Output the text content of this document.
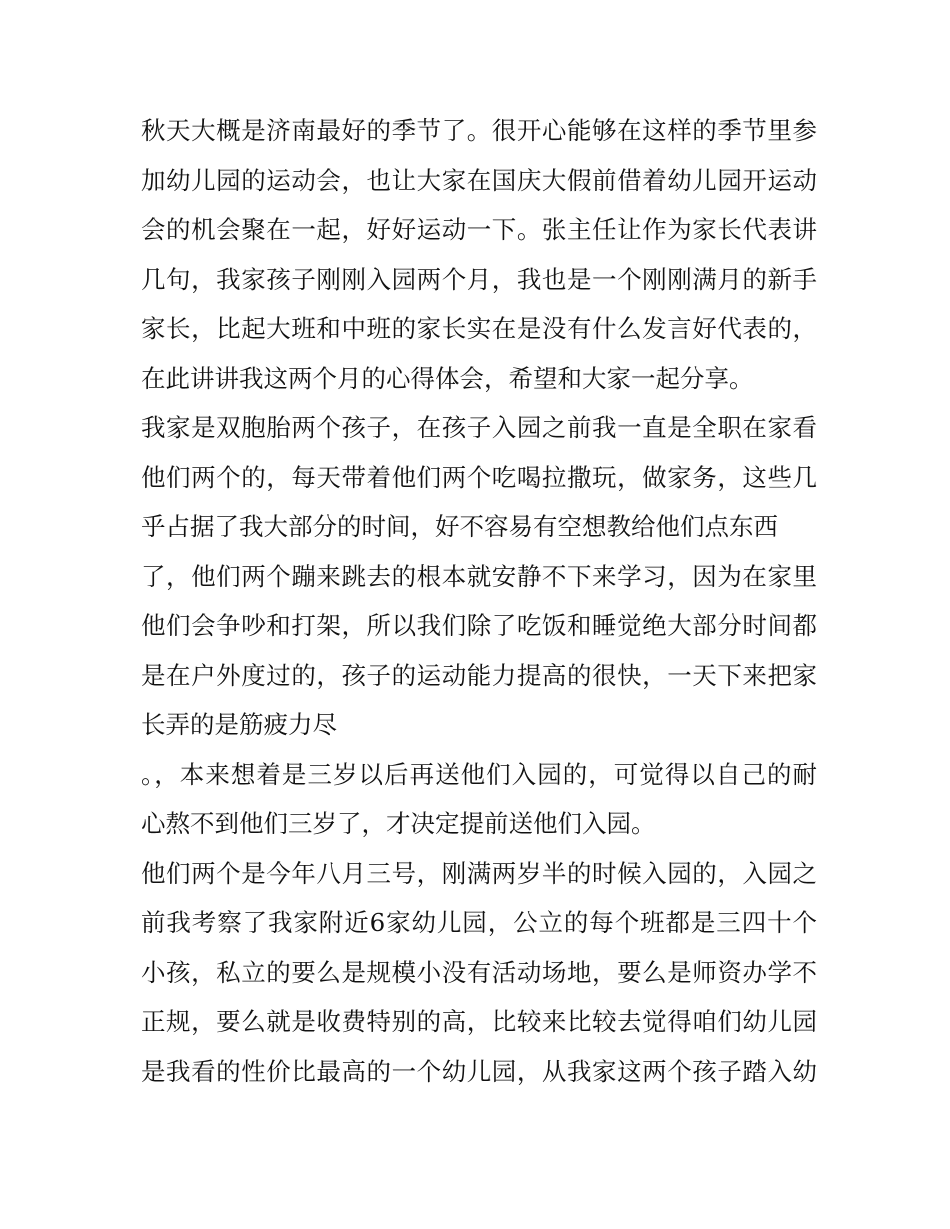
秋天大概是济南最好的季节了。很开心能够在这样的季节里参
加幼儿园的运动会，也让大家在国庆大假前借着幼儿园开运动
会的机会聚在一起，好好运动一下。张主任让作为家长代表讲
几句，我家孩子刚刚入园两个月，我也是一个刚刚满月的新手
家长，比起大班和中班的家长实在是没有什么发言好代表的，
在此讲讲我这两个月的心得体会，希望和大家一起分享。
我家是双胞胎两个孩子，在孩子入园之前我一直是全职在家看
他们两个的，每天带着他们两个吃喝拉撒玩，做家务，这些几
乎占据了我大部分的时间，好不容易有空想教给他们点东西
了，他们两个蹦来跳去的根本就安静不下来学习，因为在家里
他们会争吵和打架，所以我们除了吃饭和睡觉绝大部分时间都
是在户外度过的，孩子的运动能力提高的很快，一天下来把家
长弄的是筋疲力尽
。，本来想着是三岁以后再送他们入园的，可觉得以自己的耐
心熬不到他们三岁了，才决定提前送他们入园。
他们两个是今年八月三号，刚满两岁半的时候入园的，入园之
前我考察了我家附近6家幼儿园，公立的每个班都是三四十个
小孩，私立的要么是规模小没有活动场地，要么是师资办学不
正规，要么就是收费特别的高，比较来比较去觉得咱们幼儿园
是我看的性价比最高的一个幼儿园，从我家这两个孩子踏入幼
